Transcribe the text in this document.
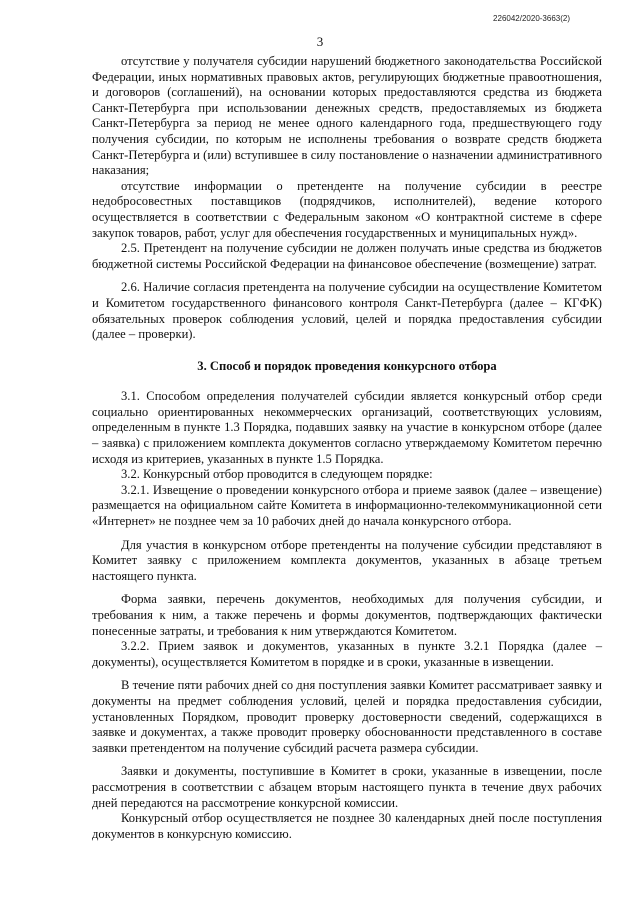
226042/2020-3663(2)
3

отсутствие у получателя субсидии нарушений бюджетного законодательства Российской Федерации, иных нормативных правовых актов, регулирующих бюджетные правоотношения, и договоров (соглашений), на основании которых предоставляются средства из бюджета Санкт-Петербурга при использовании денежных средств, предоставляемых из бюджета Санкт-Петербурга за период не менее одного календарного года, предшествующего году получения субсидии, по которым не исполнены требования о возврате средств бюджета Санкт-Петербурга и (или) вступившее в силу постановление о назначении административного наказания;

отсутствие информации о претенденте на получение субсидии в реестре недобросовестных поставщиков (подрядчиков, исполнителей), ведение которого осуществляется в соответствии с Федеральным законом «О контрактной системе в сфере закупок товаров, работ, услуг для обеспечения государственных и муниципальных нужд».

2.5. Претендент на получение субсидии не должен получать иные средства из бюджетов бюджетной системы Российской Федерации на финансовое обеспечение (возмещение) затрат.

2.6. Наличие согласия претендента на получение субсидии на осуществление Комитетом и Комитетом государственного финансового контроля Санкт-Петербурга (далее – КГФК) обязательных проверок соблюдения условий, целей и порядка предоставления субсидии (далее – проверки).

3. Способ и порядок проведения конкурсного отбора

3.1. Способом определения получателей субсидии является конкурсный отбор среди социально ориентированных некоммерческих организаций, соответствующих условиям, определенным в пункте 1.3 Порядка, подавших заявку на участие в конкурсном отборе (далее – заявка) с приложением комплекта документов согласно утверждаемому Комитетом перечню исходя из критериев, указанных в пункте 1.5 Порядка.

3.2. Конкурсный отбор проводится в следующем порядке:

3.2.1. Извещение о проведении конкурсного отбора и приеме заявок (далее – извещение) размещается на официальном сайте Комитета в информационно-телекоммуникационной сети «Интернет» не позднее чем за 10 рабочих дней до начала конкурсного отбора.

Для участия в конкурсном отборе претенденты на получение субсидии представляют в Комитет заявку с приложением комплекта документов, указанных в абзаце третьем настоящего пункта.

Форма заявки, перечень документов, необходимых для получения субсидии, и требования к ним, а также перечень и формы документов, подтверждающих фактически понесенные затраты, и требования к ним утверждаются Комитетом.

3.2.2. Прием заявок и документов, указанных в пункте 3.2.1 Порядка (далее – документы), осуществляется Комитетом в порядке и в сроки, указанные в извещении.

В течение пяти рабочих дней со дня поступления заявки Комитет рассматривает заявку и документы на предмет соблюдения условий, целей и порядка предоставления субсидии, установленных Порядком, проводит проверку достоверности сведений, содержащихся в заявке и документах, а также проводит проверку обоснованности представленного в составе заявки претендентом на получение субсидий расчета размера субсидии.

Заявки и документы, поступившие в Комитет в сроки, указанные в извещении, после рассмотрения в соответствии с абзацем вторым настоящего пункта в течение двух рабочих дней передаются на рассмотрение конкурсной комиссии.

Конкурсный отбор осуществляется не позднее 30 календарных дней после поступления документов в конкурсную комиссию.
